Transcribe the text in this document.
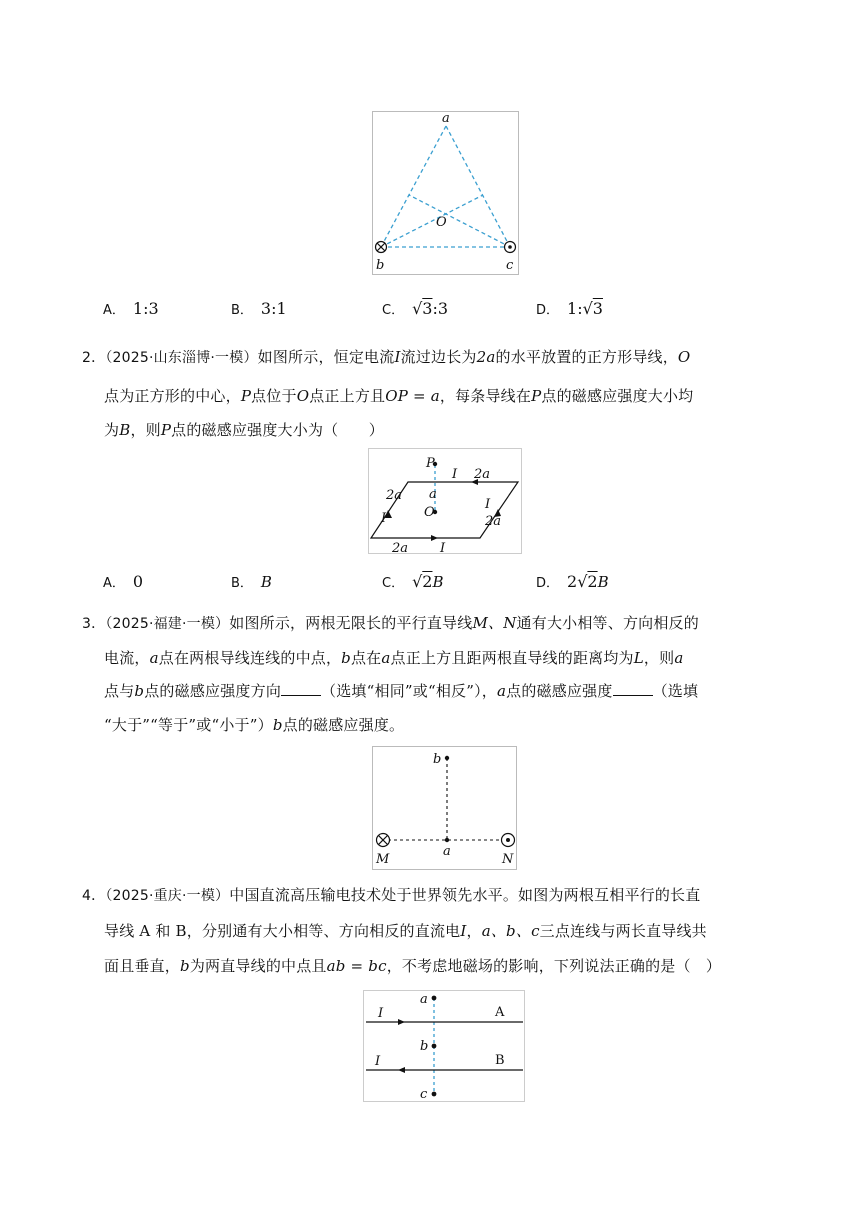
a
O
b	c
A． 1:3	B． 3:1	C． √3:3	D． 1:√3
2．（2025·山东淄博·一模）如图所示，恒定电流I流过边长为2a的水平放置的正方形导线，O
点为正方形的中心，P点位于O点正上方且OP = a，每条导线在P点的磁感应强度大小均
为B，则P点的磁感应强度大小为（　　）
P
I 2a
2a
I
a
O
I
2a
2a I
A． 0	B． B	C． √2B	D． 2√2B
3．（2025·福建·一模）如图所示，两根无限长的平行直导线M、N通有大小相等、方向相反的
电流，a点在两根导线连线的中点，b点在a点正上方且距两根直导线的距离均为L，则a
点与b点的磁感应强度方向	（选填“相同”或“相反”），a点的磁感应强度	（选填
“大于”“等于”或“小于”）b点的磁感应强度。
b
a
M	N
4．（2025·重庆·一模）中国直流高压输电技术处于世界领先水平。如图为两根互相平行的长直
导线 A 和 B，分别通有大小相等、方向相反的直流电I，a、b、c三点连线与两长直导线共
面且垂直，b为两直导线的中点且ab = bc，不考虑地磁场的影响，下列说法正确的是（　）
a
b
c
I
I
A
B
